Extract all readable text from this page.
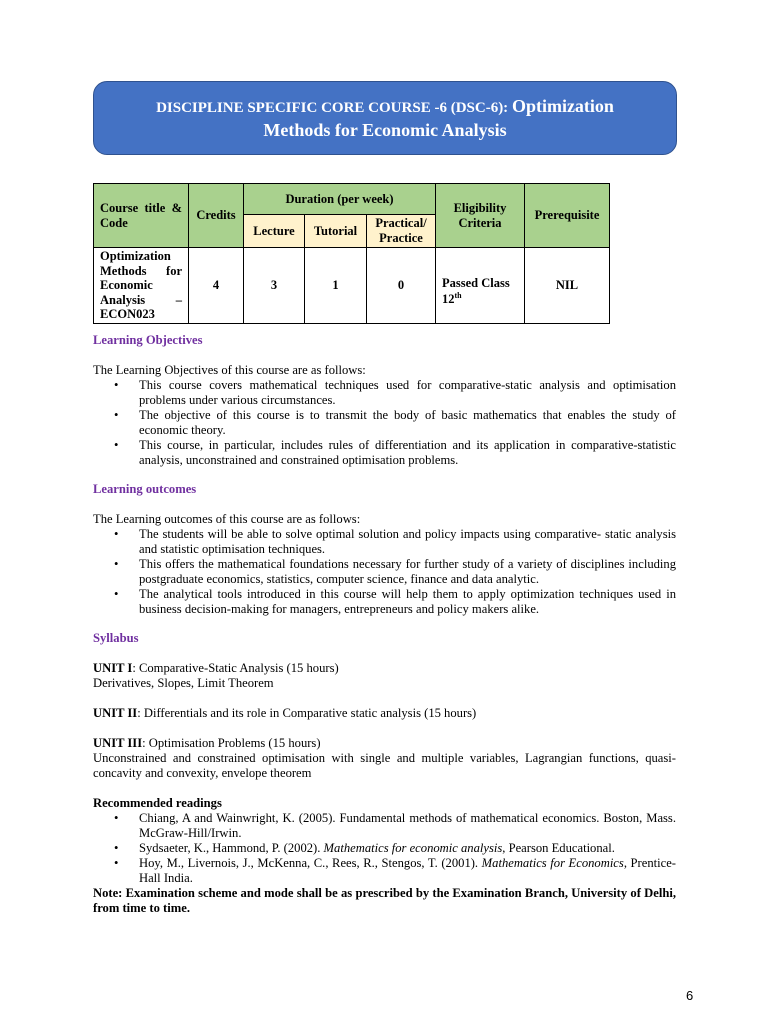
DISCIPLINE SPECIFIC CORE COURSE -6 (DSC-6): Optimization
Methods for Economic Analysis
Course title & Code	Credits	Duration (per week)			Eligibility Criteria	Prerequisite
		Lecture	Tutorial	Practical/ Practice		
Optimization Methods for Economic Analysis – ECON023	4	3	1	0	Passed Class 12th	NIL

Learning Objectives

The Learning Objectives of this course are as follows:

• This course covers mathematical techniques used for comparative-static analysis and optimisation problems under various circumstances.
• The objective of this course is to transmit the body of basic mathematics that enables the study of economic theory.
• This course, in particular, includes rules of differentiation and its application in comparative-statistic analysis, unconstrained and constrained optimisation problems.

Learning outcomes

The Learning outcomes of this course are as follows:

• The students will be able to solve optimal solution and policy impacts using comparative- static analysis and statistic optimisation techniques.
• This offers the mathematical foundations necessary for further study of a variety of disciplines including postgraduate economics, statistics, computer science, finance and data analytic.
• The analytical tools introduced in this course will help them to apply optimization techniques used in business decision-making for managers, entrepreneurs and policy makers alike.

Syllabus

UNIT I: Comparative-Static Analysis (15 hours)

Derivatives, Slopes, Limit Theorem

UNIT II: Differentials and its role in Comparative static analysis (15 hours)

UNIT III: Optimisation Problems (15 hours)

Unconstrained and constrained optimisation with single and multiple variables, Lagrangian functions, quasi-concavity and convexity, envelope theorem

Recommended readings

• Chiang, A and Wainwright, K. (2005). Fundamental methods of mathematical economics. Boston, Mass. McGraw-Hill/Irwin.
• Sydsaeter, K., Hammond, P. (2002). Mathematics for economic analysis, Pearson Educational.
• Hoy, M., Livernois, J., McKenna, C., Rees, R., Stengos, T. (2001). Mathematics for Economics, Prentice-Hall India.

Note: Examination scheme and mode shall be as prescribed by the Examination Branch, University of Delhi, from time to time.

6
